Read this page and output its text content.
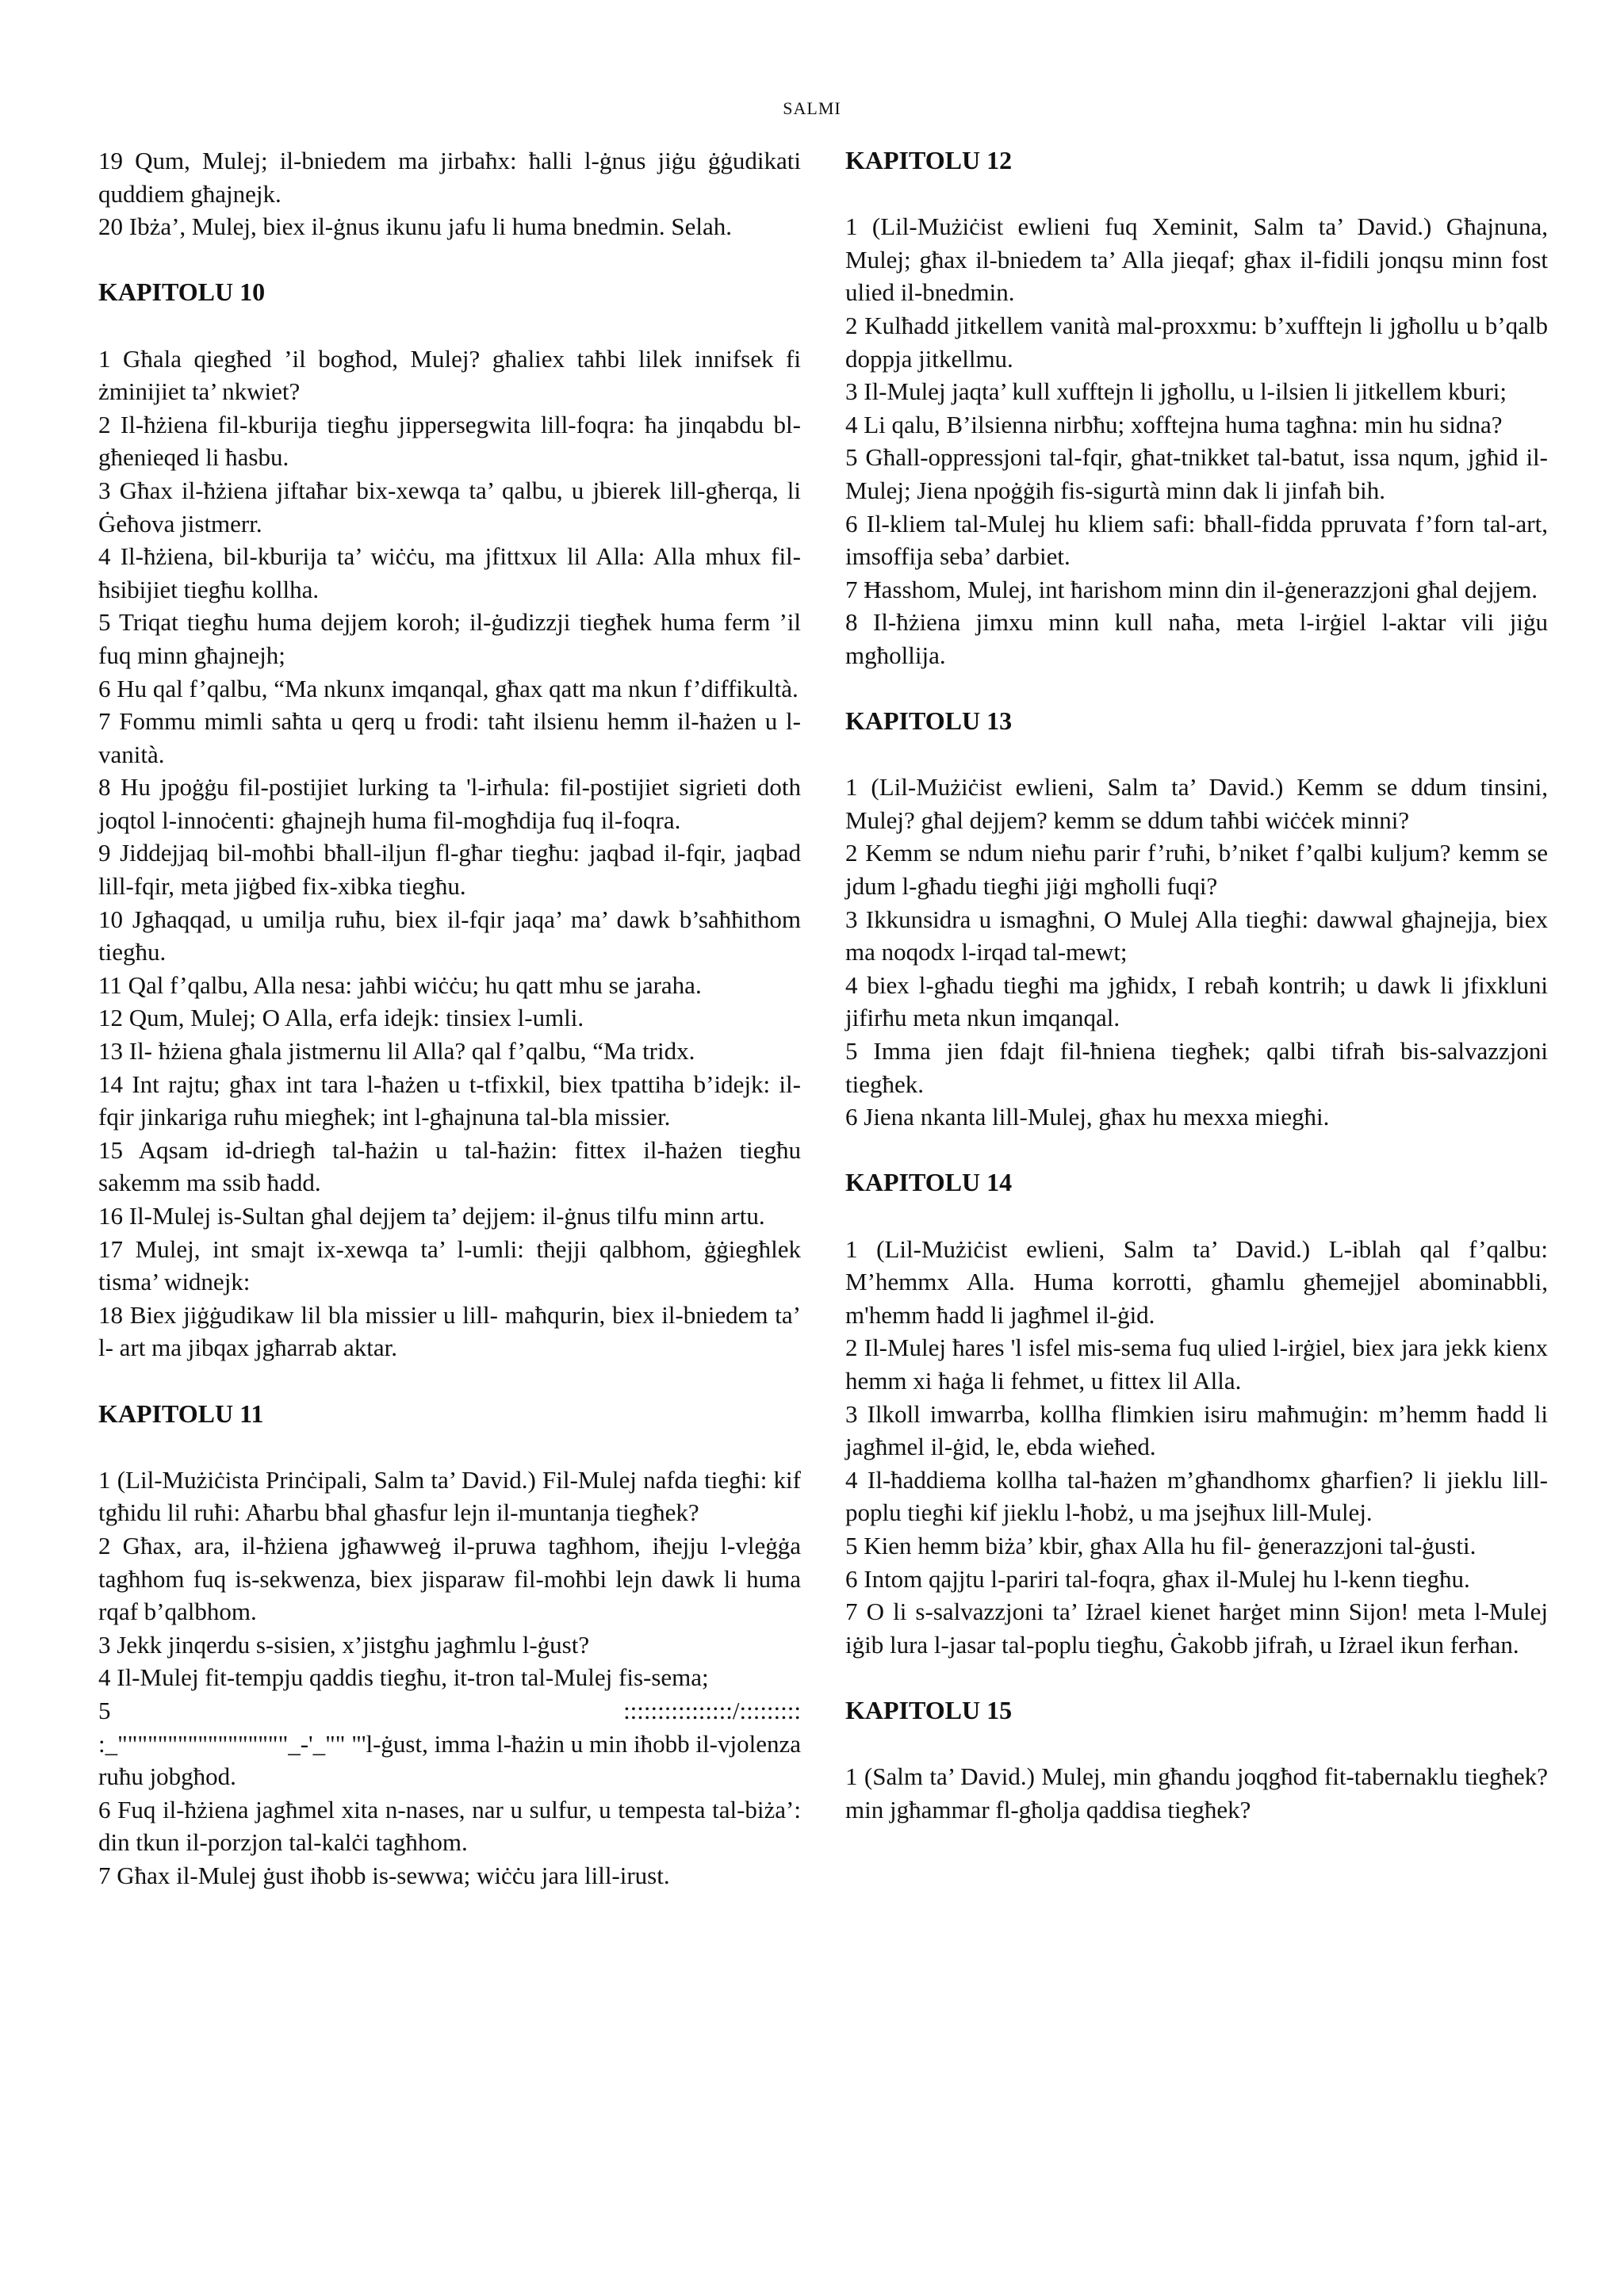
SALMI

19 Qum, Mulej; il-bniedem ma jirbaħx: ħalli l-ġnus jiġu ġġudikati quddiem għajnejk.

20 Ibża’, Mulej, biex il-ġnus ikunu jafu li huma bnedmin. Selah.

KAPITOLU 10

1 Għala qiegħed ’il bogħod, Mulej? għaliex taħbi lilek innifsek fi żminijiet ta’ nkwiet?

2 Il-ħżiena fil-kburija tiegħu jippersegwita lill-foqra: ħa jinqabdu bl-għenieqed li ħasbu.

3 Għax il-ħżiena jiftaħar bix-xewqa ta’ qalbu, u jbierek lill-għerqa, li Ġeħova jistmerr.

4 Il-ħżiena, bil-kburija ta’ wiċċu, ma jfittxux lil Alla: Alla mhux fil-ħsibijiet tiegħu kollha.

5 Triqat tiegħu huma dejjem koroh; il-ġudizzji tiegħek huma ferm ’il fuq minn għajnejh;

6 Hu qal f’qalbu, “Ma nkunx imqanqal, għax qatt ma nkun f’diffikultà.

7 Fommu mimli saħta u qerq u frodi: taħt ilsienu hemm il-ħażen u l-vanità.

8 Hu jpoġġu fil-postijiet lurking ta 'l-irħula: fil-postijiet sigrieti doth joqtol l-innoċenti: għajnejh huma fil-mogħdija fuq il-foqra.

9 Jiddejjaq bil-moħbi bħall-iljun fl-għar tiegħu: jaqbad il-fqir, jaqbad lill-fqir, meta jiġbed fix-xibka tiegħu.

10 Jgħaqqad, u umilja ruħu, biex il-fqir jaqa’ ma’ dawk b’saħħithom tiegħu.

11 Qal f’qalbu, Alla nesa: jaħbi wiċċu; hu qatt mhu se jaraha.

12 Qum, Mulej; O Alla, erfa idejk: tinsiex l-umli.

13 Il- ħżiena għala jistmernu lil Alla? qal f’qalbu, “Ma tridx.

14 Int rajtu; għax int tara l-ħażen u t-tfixkil, biex tpattiha b’idejk: il-fqir jinkariga ruħu miegħek; int l-għajnuna tal-bla missier.

15 Aqsam id-driegħ tal-ħażin u tal-ħażin: fittex il-ħażen tiegħu sakemm ma ssib ħadd.

16 Il-Mulej is-Sultan għal dejjem ta’ dejjem: il-ġnus tilfu minn artu.

17 Mulej, int smajt ix-xewqa ta’ l-umli: tħejji qalbhom, ġġiegħlek tisma’ widnejk:

18 Biex jiġġudikaw lil bla missier u lill- maħqurin, biex il-bniedem ta’ l- art ma jibqax jgħarrab aktar.

KAPITOLU 11

1 (Lil-Mużiċista Prinċipali, Salm ta’ David.) Fil-Mulej nafda tiegħi: kif tgħidu lil ruħi: Aħarbu bħal għasfur lejn il-muntanja tiegħek?

2 Għax, ara, il-ħżiena jgħawweġ il-pruwa tagħhom, iħejju l-vleġġa tagħhom fuq is-sekwenza, biex jisparaw fil-moħbi lejn dawk li huma rqaf b’qalbhom.

3 Jekk jinqerdu s-sisien, x’jistgħu jagħmlu l-ġust?

4 Il-Mulej fit-tempju qaddis tiegħu, it-tron tal-Mulej fis-sema;

5	::::::::::::::::/:::::::::

:_"""""""""""""""""_-'_"" "'l-ġust, imma l-ħażin u min iħobb il-vjolenza ruħu jobgħod.

6 Fuq il-ħżiena jagħmel xita n-nases, nar u sulfur, u tempesta tal-biża’: din tkun il-porzjon tal-kalċi tagħhom.

7 Għax il-Mulej ġust iħobb is-sewwa; wiċċu jara lill-irust.

KAPITOLU 12

1 (Lil-Mużiċist ewlieni fuq Xeminit, Salm ta’ David.) Għajnuna, Mulej; għax il-bniedem ta’ Alla jieqaf; għax il-fidili jonqsu minn fost ulied il-bnedmin.

2 Kulħadd jitkellem vanità mal-proxxmu: b’xufftejn li jgħollu u b’qalb doppja jitkellmu.

3 Il-Mulej jaqta’ kull xufftejn li jgħollu, u l-ilsien li jitkellem kburi;

4 Li qalu, B’ilsienna nirbħu; xofftejna huma tagħna: min hu sidna?

5 Għall-oppressjoni tal-fqir, għat-tnikket tal-batut, issa nqum, jgħid il-Mulej; Jiena npoġġih fis-sigurtà minn dak li jinfaħ bih.

6 Il-kliem tal-Mulej hu kliem safi: bħall-fidda ppruvata f’forn tal-art, imsoffija seba’ darbiet.

7 Ħasshom, Mulej, int ħarishom minn din il-ġenerazzjoni għal dejjem.

8 Il-ħżiena jimxu minn kull naħa, meta l-irġiel l-aktar vili jiġu mgħollija.

KAPITOLU 13

1 (Lil-Mużiċist ewlieni, Salm ta’ David.) Kemm se ddum tinsini, Mulej? għal dejjem? kemm se ddum taħbi wiċċek minni?

2 Kemm se ndum nieħu parir f’ruħi, b’niket f’qalbi kuljum? kemm se jdum l-għadu tiegħi jiġi mgħolli fuqi?

3 Ikkunsidra u ismagħni, O Mulej Alla tiegħi: dawwal għajnejja, biex ma noqodx l-irqad tal-mewt;

4 biex l-għadu tiegħi ma jgħidx, I rebaħ kontrih; u dawk li jfixkluni jifirħu meta nkun imqanqal.

5 Imma jien fdajt fil-ħniena tiegħek; qalbi tifraħ bis-salvazzjoni tiegħek.

6 Jiena nkanta lill-Mulej, għax hu mexxa miegħi.

KAPITOLU 14

1 (Lil-Mużiċist ewlieni, Salm ta’ David.) L-iblah qal f’qalbu: M’hemmx Alla. Huma korrotti, għamlu għemejjel abominabbli, m'hemm ħadd li jagħmel il-ġid.

2 Il-Mulej ħares 'l isfel mis-sema fuq ulied l-irġiel, biex jara jekk kienx hemm xi ħaġa li fehmet, u fittex lil Alla.

3 Ilkoll imwarrba, kollha flimkien isiru maħmuġin: m’hemm ħadd li jagħmel il-ġid, le, ebda wieħed.

4 Il-ħaddiema kollha tal-ħażen m’għandhomx għarfien? li jieklu lill-poplu tiegħi kif jieklu l-ħobż, u ma jsejħux lill-Mulej.

5 Kien hemm biża’ kbir, għax Alla hu fil- ġenerazzjoni tal-ġusti.

6 Intom qajjtu l-pariri tal-foqra, għax il-Mulej hu l-kenn tiegħu.

7 O li s-salvazzjoni ta’ Iżrael kienet ħarġet minn Sijon! meta l-Mulej iġib lura l-jasar tal-poplu tiegħu, Ġakobb jifraħ, u Iżrael ikun ferħan.

KAPITOLU 15

1 (Salm ta’ David.) Mulej, min għandu joqgħod fit-tabernaklu tiegħek? min jgħammar fl-għolja qaddisa tiegħek?
